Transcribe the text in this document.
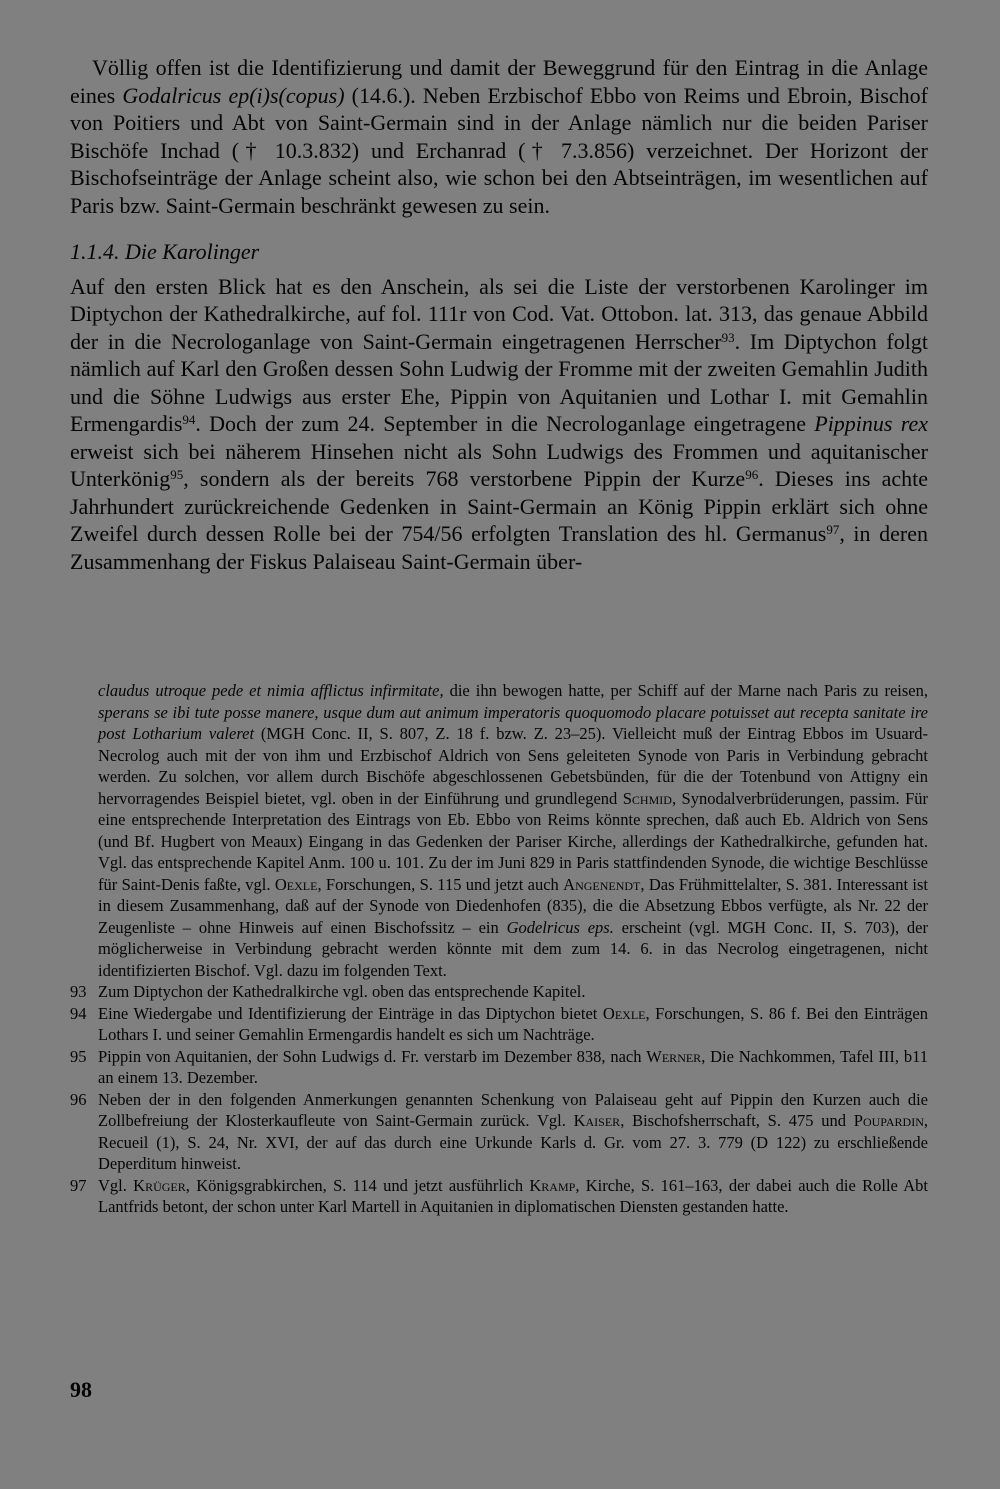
Völlig offen ist die Identifizierung und damit der Beweggrund für den Eintrag in die Anlage eines Godalricus ep(i)s(copus) (14.6.). Neben Erzbischof Ebbo von Reims und Ebroin, Bischof von Poitiers und Abt von Saint-Germain sind in der Anlage nämlich nur die beiden Pariser Bischöfe Inchad († 10.3.832) und Erchanrad († 7.3.856) verzeichnet. Der Horizont der Bischofseinträge der Anlage scheint also, wie schon bei den Abtseinträgen, im wesentlichen auf Paris bzw. Saint-Germain beschränkt gewesen zu sein.

1.1.4. Die Karolinger

Auf den ersten Blick hat es den Anschein, als sei die Liste der verstorbenen Karolinger im Diptychon der Kathedralkirche, auf fol. 111r von Cod. Vat. Ottobon. lat. 313, das genaue Abbild der in die Necrologanlage von Saint-Germain eingetragenen Herrscher$^{93}$. Im Diptychon folgt nämlich auf Karl den Großen dessen Sohn Ludwig der Fromme mit der zweiten Gemahlin Judith und die Söhne Ludwigs aus erster Ehe, Pippin von Aquitanien und Lothar I. mit Gemahlin Ermengardis$^{94}$. Doch der zum 24. September in die Necrologanlage eingetragene Pippinus rex erweist sich bei näherem Hinsehen nicht als Sohn Ludwigs des Frommen und aquitanischer Unterkönig$^{95}$, sondern als der bereits 768 verstorbene Pippin der Kurze$^{96}$. Dieses ins achte Jahrhundert zurückreichende Gedenken in Saint-Germain an König Pippin erklärt sich ohne Zweifel durch dessen Rolle bei der 754/56 erfolgten Translation des hl. Germanus$^{97}$, in deren Zusammenhang der Fiskus Palaiseau Saint-Germain über-

claudus utroque pede et nimia afflictus infirmitate, die ihn bewogen hatte, per Schiff auf der Marne nach Paris zu reisen, sperans se ibi tute posse manere, usque dum aut animum imperatoris quoquomodo placare potuisset aut recepta sanitate ire post Lotharium valeret (MGH Conc. II, S. 807, Z. 18 f. bzw. Z. 23–25). Vielleicht muß der Eintrag Ebbos im Usuard-Necrolog auch mit der von ihm und Erzbischof Aldrich von Sens geleiteten Synode von Paris in Verbindung gebracht werden. Zu solchen, vor allem durch Bischöfe abgeschlossenen Gebetsbünden, für die der Totenbund von Attigny ein hervorragendes Beispiel bietet, vgl. oben in der Einführung und grundlegend Schmid, Synodalverbrüderungen, passim. Für eine entsprechende Interpretation des Eintrags von Eb. Ebbo von Reims könnte sprechen, daß auch Eb. Aldrich von Sens (und Bf. Hugbert von Meaux) Eingang in das Gedenken der Pariser Kirche, allerdings der Kathedralkirche, gefunden hat. Vgl. das entsprechende Kapitel Anm. 100 u. 101. Zu der im Juni 829 in Paris stattfindenden Synode, die wichtige Beschlüsse für Saint-Denis faßte, vgl. Oexle, Forschungen, S. 115 und jetzt auch Angenendt, Das Frühmittelalter, S. 381. Interessant ist in diesem Zusammenhang, daß auf der Synode von Diedenhofen (835), die die Absetzung Ebbos verfügte, als Nr. 22 der Zeugenliste – ohne Hinweis auf einen Bischofssitz – ein Godelricus eps. erscheint (vgl. MGH Conc. II, S. 703), der möglicherweise in Verbindung gebracht werden könnte mit dem zum 14. 6. in das Necrolog eingetragenen, nicht identifizierten Bischof. Vgl. dazu im folgenden Text.

93 Zum Diptychon der Kathedralkirche vgl. oben das entsprechende Kapitel.
94 Eine Wiedergabe und Identifizierung der Einträge in das Diptychon bietet Oexle, Forschungen, S. 86 f. Bei den Einträgen Lothars I. und seiner Gemahlin Ermengardis handelt es sich um Nachträge.
95 Pippin von Aquitanien, der Sohn Ludwigs d. Fr. verstarb im Dezember 838, nach Werner, Die Nachkommen, Tafel III, b11 an einem 13. Dezember.
96 Neben der in den folgenden Anmerkungen genannten Schenkung von Palaiseau geht auf Pippin den Kurzen auch die Zollbefreiung der Klosterkaufleute von Saint-Germain zurück. Vgl. Kaiser, Bischofsherrschaft, S. 475 und Poupardin, Recueil (1), S. 24, Nr. XVI, der auf das durch eine Urkunde Karls d. Gr. vom 27. 3. 779 (D 122) zu erschließende Deperditum hinweist.
97 Vgl. Krüger, Königsgrabkirchen, S. 114 und jetzt ausführlich Kramp, Kirche, S. 161–163, der dabei auch die Rolle Abt Lantfrids betont, der schon unter Karl Martell in Aquitanien in diplomatischen Diensten gestanden hatte.
98
